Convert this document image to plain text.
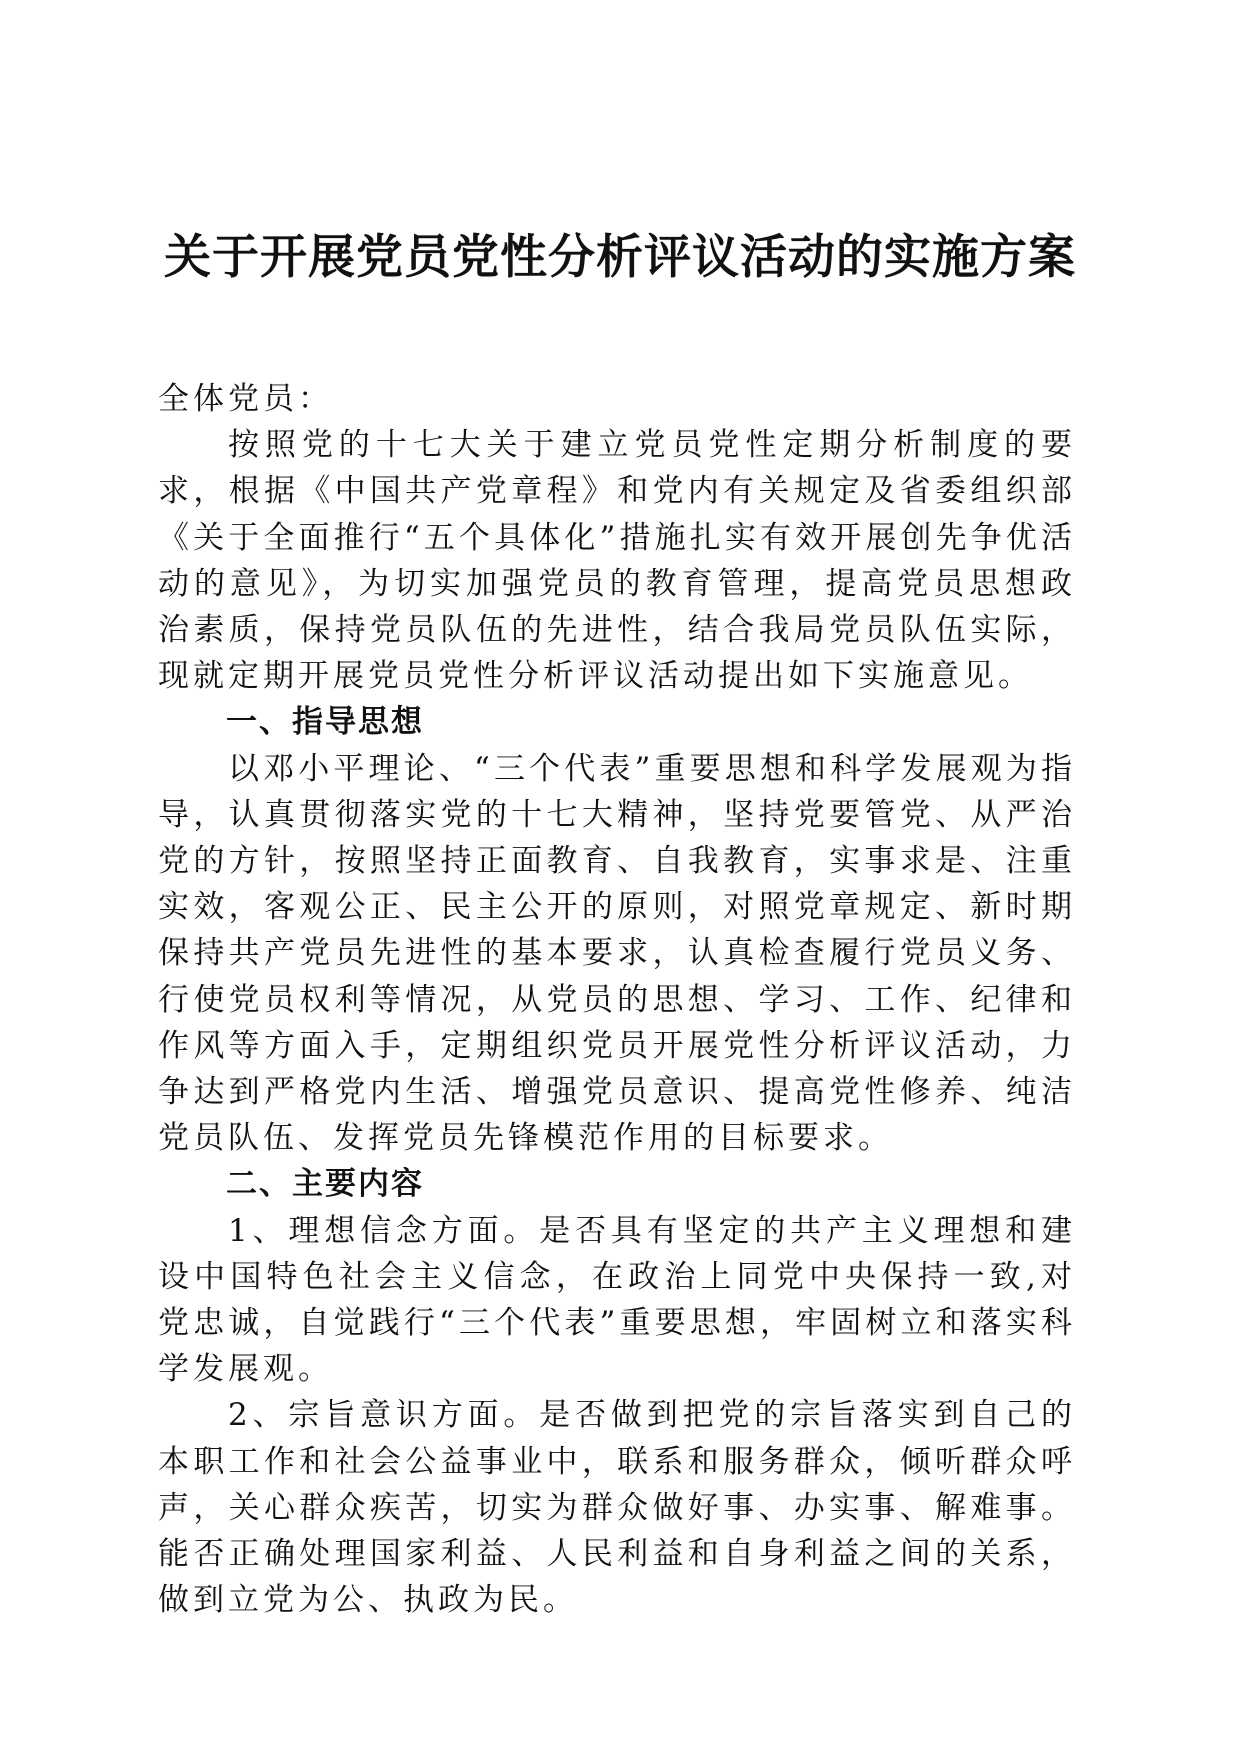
关于开展党员党性分析评议活动的实施方案

全体党员：

按照党的十七大关于建立党员党性定期分析制度的要求，根据《中国共产党章程》和党内有关规定及省委组织部《关于全面推行“五个具体化”措施扎实有效开展创先争优活动的意见》，为切实加强党员的教育管理，提高党员思想政治素质，保持党员队伍的先进性，结合我局党员队伍实际，现就定期开展党员党性分析评议活动提出如下实施意见。

一、指导思想

以邓小平理论、“三个代表”重要思想和科学发展观为指导，认真贯彻落实党的十七大精神，坚持党要管党、从严治党的方针，按照坚持正面教育、自我教育，实事求是、注重实效，客观公正、民主公开的原则，对照党章规定、新时期保持共产党员先进性的基本要求，认真检查履行党员义务、行使党员权利等情况，从党员的思想、学习、工作、纪律和作风等方面入手，定期组织党员开展党性分析评议活动，力争达到严格党内生活、增强党员意识、提高党性修养、纯洁党员队伍、发挥党员先锋模范作用的目标要求。

二、主要内容

1、理想信念方面。是否具有坚定的共产主义理想和建设中国特色社会主义信念，在政治上同党中央保持一致,对党忠诚，自觉践行“三个代表”重要思想，牢固树立和落实科学发展观。

2、宗旨意识方面。是否做到把党的宗旨落实到自己的本职工作和社会公益事业中，联系和服务群众，倾听群众呼声，关心群众疾苦，切实为群众做好事、办实事、解难事。能否正确处理国家利益、人民利益和自身利益之间的关系，做到立党为公、执政为民。
